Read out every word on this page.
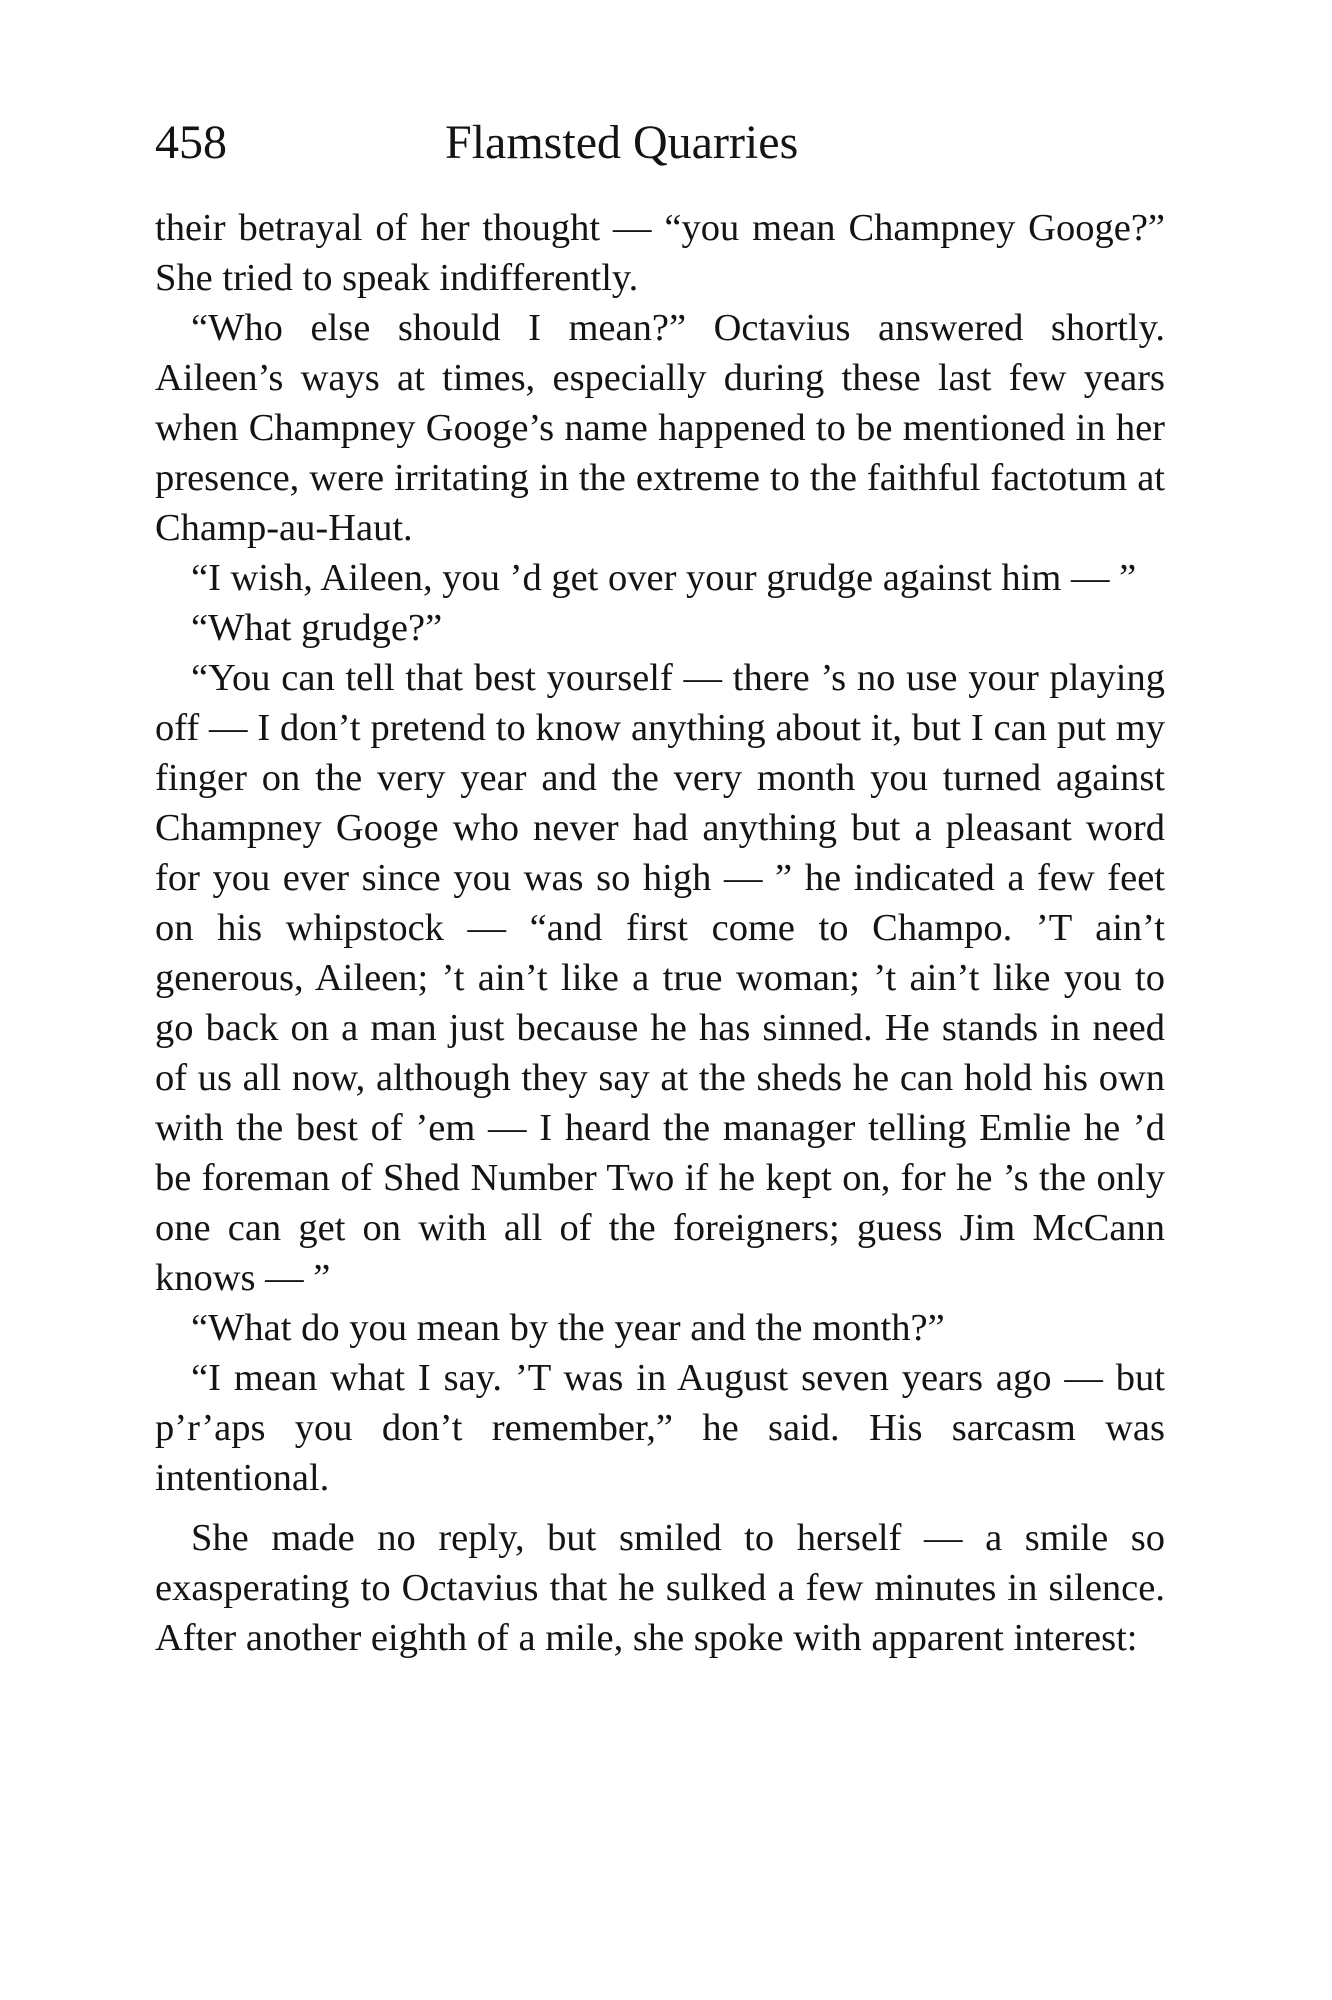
458	Flamsted Quarries

their betrayal of her thought — “you mean Champney Googe?” She tried to speak indifferently.

“Who else should I mean?” Octavius answered shortly. Aileen’s ways at times, especially during these last few years when Champney Googe’s name happened to be mentioned in her presence, were irritating in the extreme to the faithful factotum at Champ-au-Haut.

“I wish, Aileen, you ’d get over your grudge against him — ”

“What grudge?”

“You can tell that best yourself — there ’s no use your playing off — I don’t pretend to know anything about it, but I can put my finger on the very year and the very month you turned against Champney Googe who never had anything but a pleasant word for you ever since you was so high — ” he indicated a few feet on his whipstock — “and first come to Champo. ’T ain’t generous, Aileen; ’t ain’t like a true woman; ’t ain’t like you to go back on a man just because he has sinned. He stands in need of us all now, although they say at the sheds he can hold his own with the best of ’em — I heard the manager telling Emlie he ’d be foreman of Shed Number Two if he kept on, for he ’s the only one can get on with all of the foreigners; guess Jim McCann knows — ”

“What do you mean by the year and the month?”

“I mean what I say. ’T was in August seven years ago — but p’r’aps you don’t remember,” he said. His sarcasm was intentional.

She made no reply, but smiled to herself — a smile so exasperating to Octavius that he sulked a few minutes in silence. After another eighth of a mile, she spoke with apparent interest:
